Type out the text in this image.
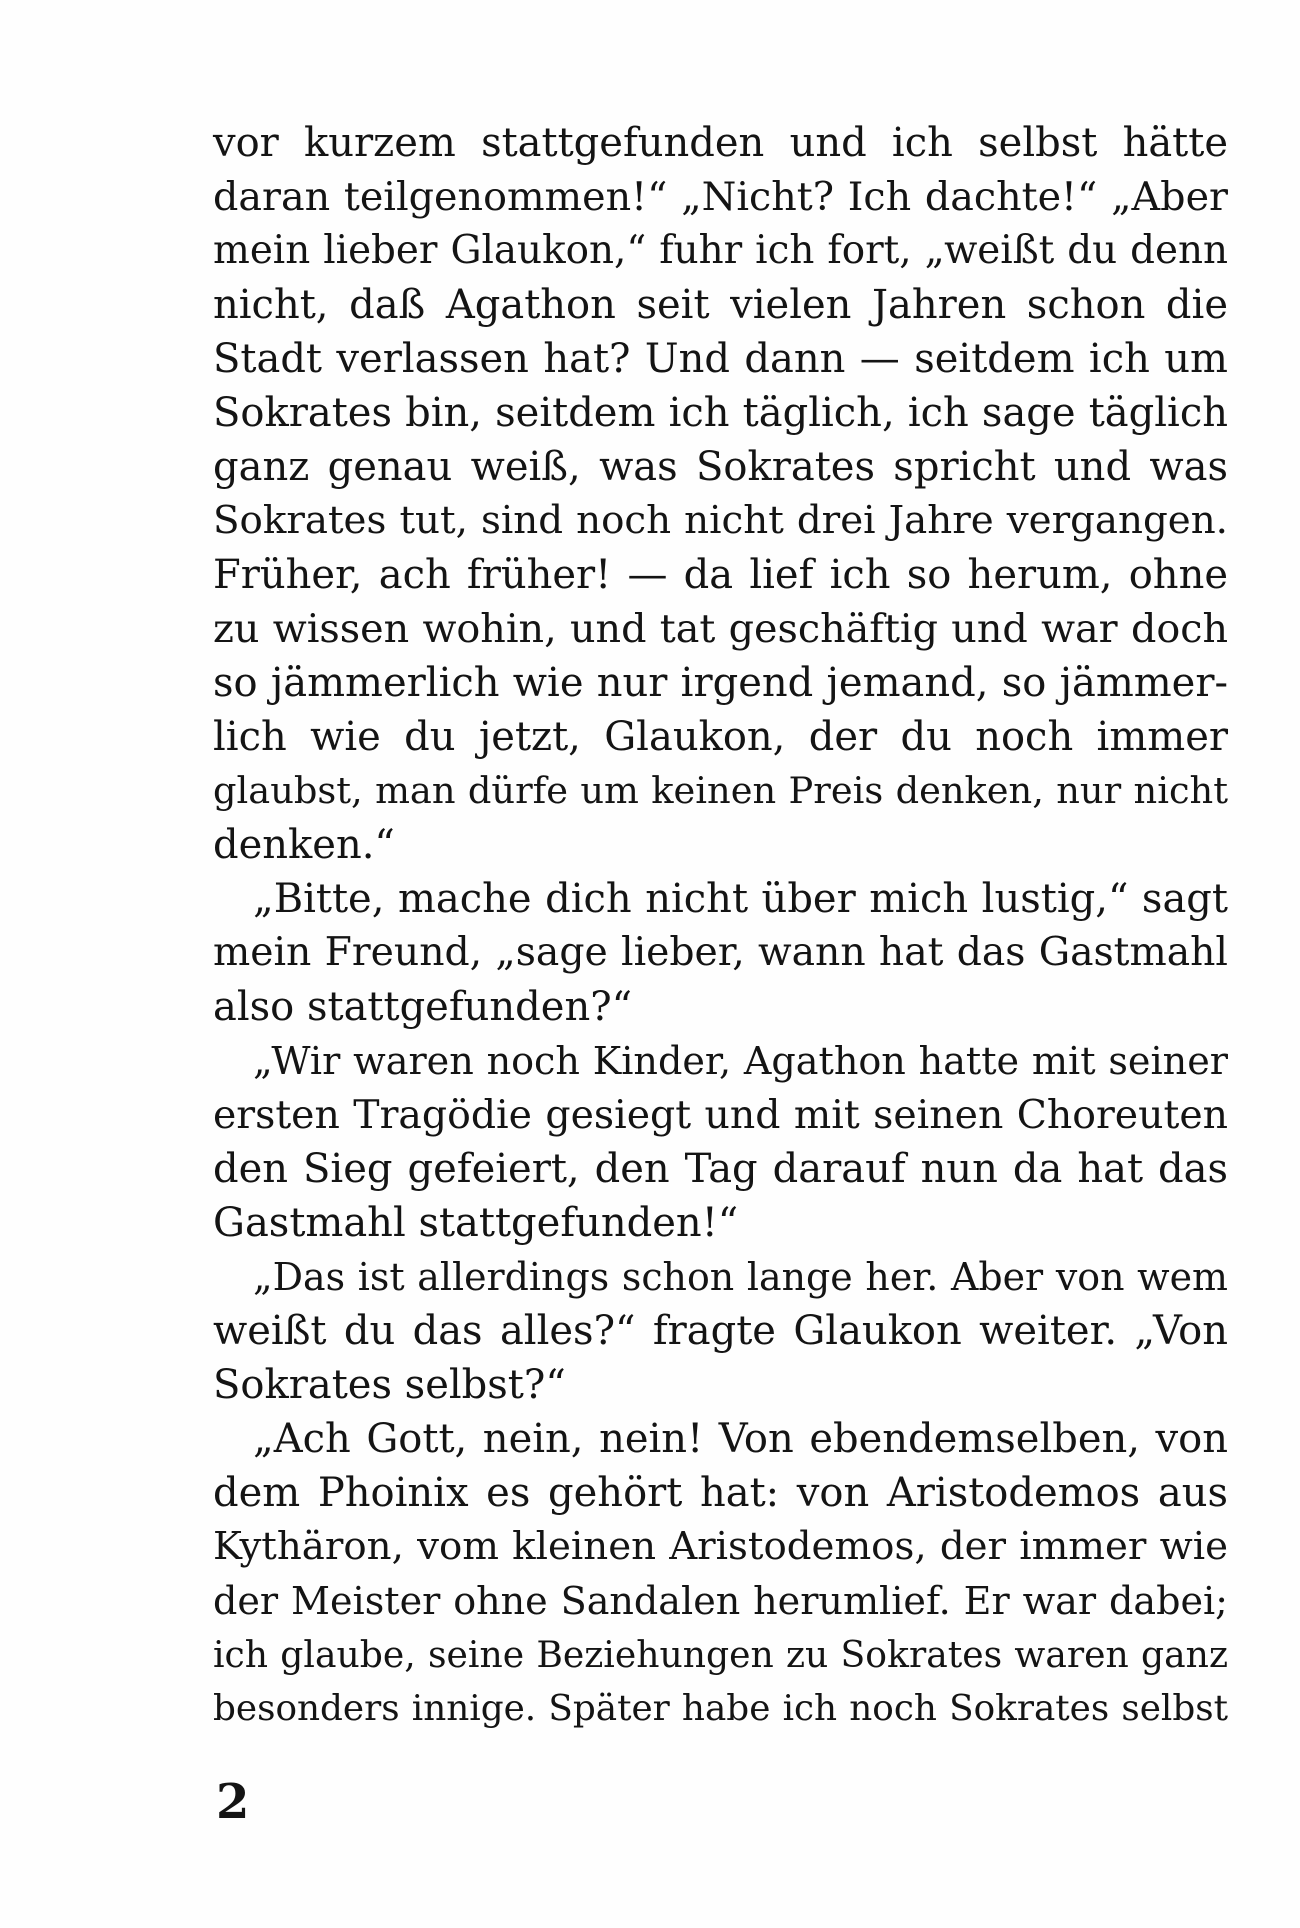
vor kurzem stattgefunden und ich selbst hätte
daran teilgenommen!“ „Nicht? Ich dachte!“ „Aber
mein lieber Glaukon,“ fuhr ich fort, „weißt du denn
nicht, daß Agathon seit vielen Jahren schon die
Stadt verlassen hat? Und dann — seitdem ich um
Sokrates bin, seitdem ich täglich, ich sage täglich
ganz genau weiß, was Sokrates spricht und was
Sokrates tut, sind noch nicht drei Jahre vergangen.
Früher, ach früher! — da lief ich so herum, ohne
zu wissen wohin, und tat geschäftig und war doch
so jämmerlich wie nur irgend jemand, so jämmer-
lich wie du jetzt, Glaukon, der du noch immer
glaubst, man dürfe um keinen Preis denken, nur nicht
denken.“
„Bitte, mache dich nicht über mich lustig,“ sagt
mein Freund, „sage lieber, wann hat das Gastmahl
also stattgefunden?“
„Wir waren noch Kinder, Agathon hatte mit seiner
ersten Tragödie gesiegt und mit seinen Choreuten
den Sieg gefeiert, den Tag darauf nun da hat das
Gastmahl stattgefunden!“
„Das ist allerdings schon lange her. Aber von wem
weißt du das alles?“ fragte Glaukon weiter. „Von
Sokrates selbst?“
„Ach Gott, nein, nein! Von ebendemselben, von
dem Phoinix es gehört hat: von Aristodemos aus
Kythäron, vom kleinen Aristodemos, der immer wie
der Meister ohne Sandalen herumlief. Er war dabei;
ich glaube, seine Beziehungen zu Sokrates waren ganz
besonders innige. Später habe ich noch Sokrates selbst
2
